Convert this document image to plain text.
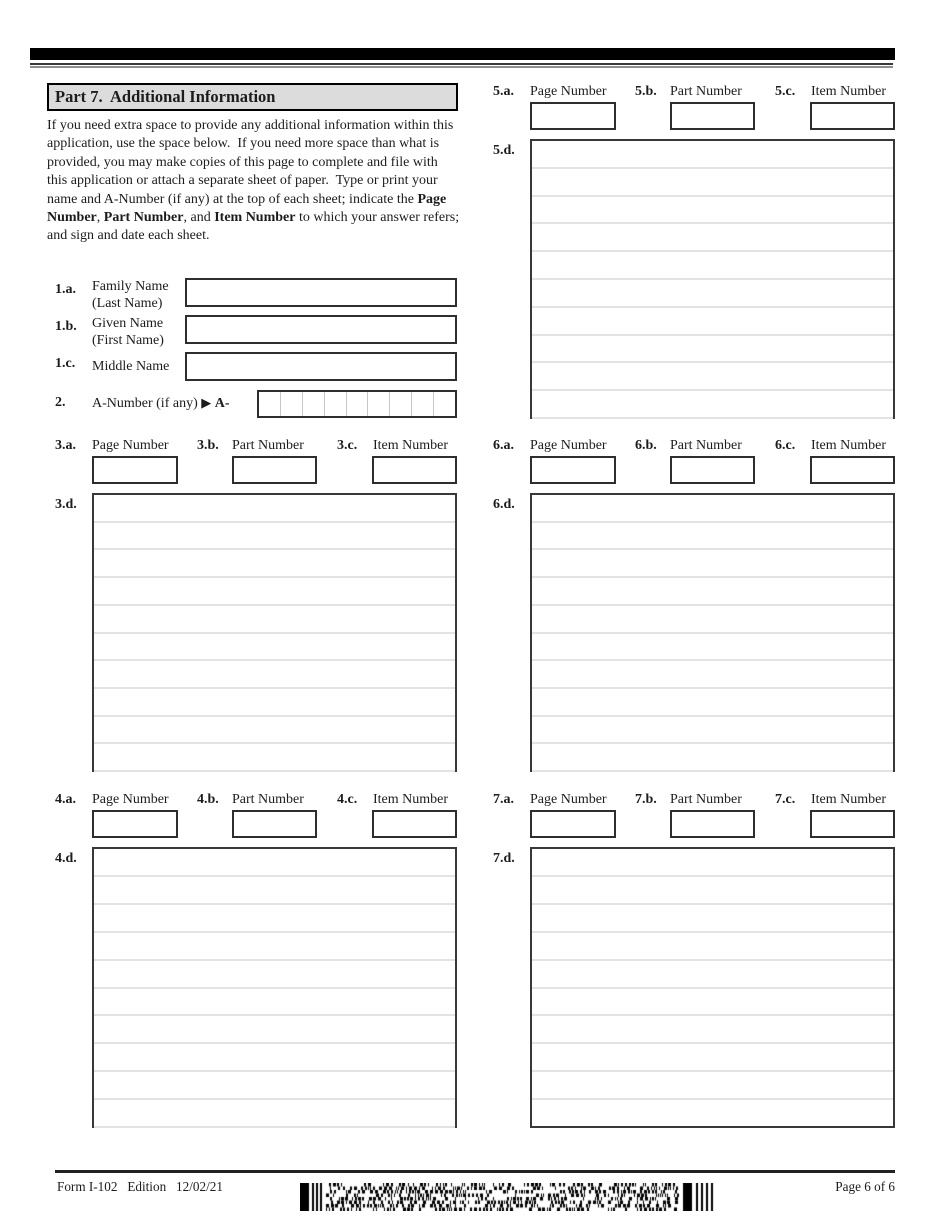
Part 7.  Additional Information
If you need extra space to provide any additional information within this application, use the space below.  If you need more space than what is provided, you may make copies of this page to complete and file with this application or attach a separate sheet of paper.  Type or print your name and A-Number (if any) at the top of each sheet; indicate the Page Number, Part Number, and Item Number to which your answer refers; and sign and date each sheet.
1.a. Family Name
(Last Name)
1.b. Given Name
(First Name)
1.c. Middle Name
2. A-Number (if any) ▶ A-
3.a. Page Number 3.b. Part Number 3.c. Item Number
3.d.
4.a. Page Number 4.b. Part Number 4.c. Item Number
4.d.
5.a. Page Number 5.b. Part Number 5.c. Item Number
5.d.
6.a. Page Number 6.b. Part Number 6.c. Item Number
6.d.
7.a. Page Number 7.b. Part Number 7.c. Item Number
7.d.
Form I-102   Edition   12/02/21	Page 6 of 6
